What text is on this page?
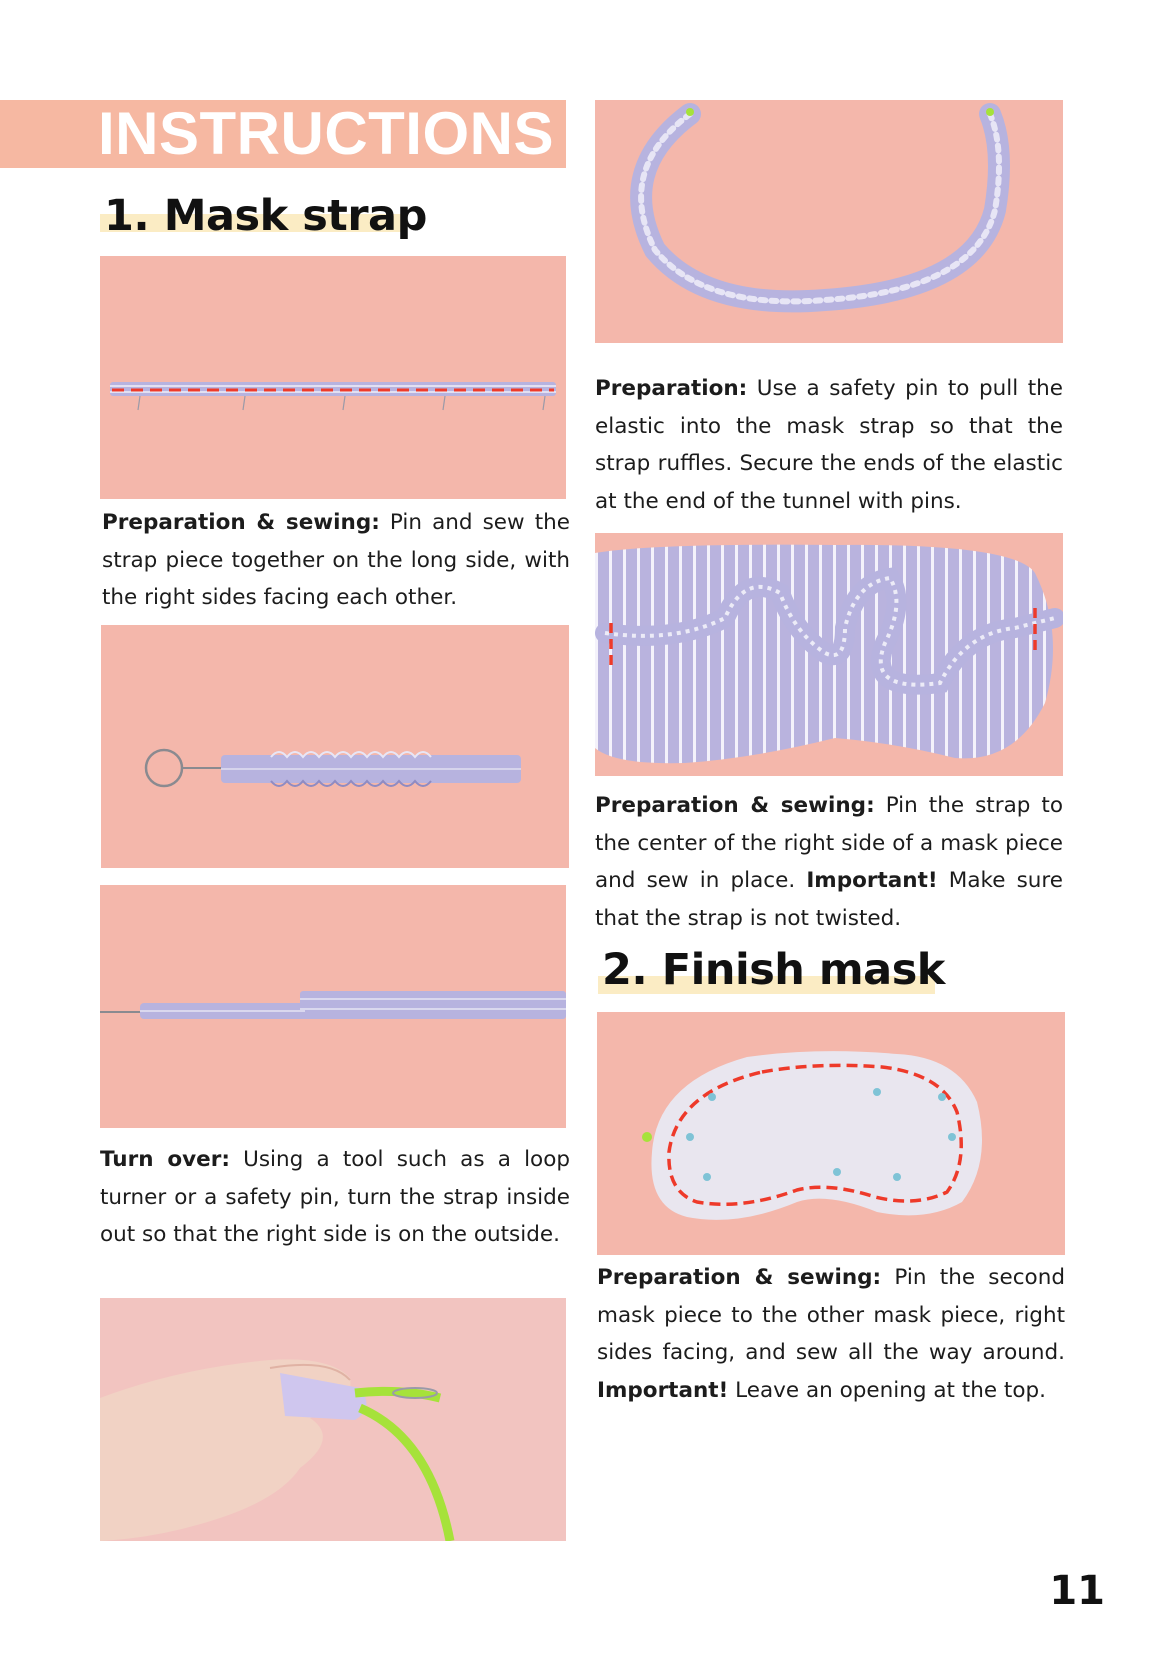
INSTRUCTIONS
1. Mask strap

Preparation & sewing: Pin and sew the strap piece together on the long side, with the right sides facing each other.

Turn over: Using a tool such as a loop turner or a safety pin, turn the strap inside out so that the right side is on the outside.

Preparation: Use a safety pin to pull the elastic into the mask strap so that the strap ruffles. Secure the ends of the elastic at the end of the tunnel with pins.

Preparation & sewing: Pin the strap to the center of the right side of a mask piece and sew in place. Important! Make sure that the strap is not twisted.

2. Finish mask

Preparation & sewing: Pin the second mask piece to the other mask piece, right sides facing, and sew all the way around. Important! Leave an opening at the top.

11
